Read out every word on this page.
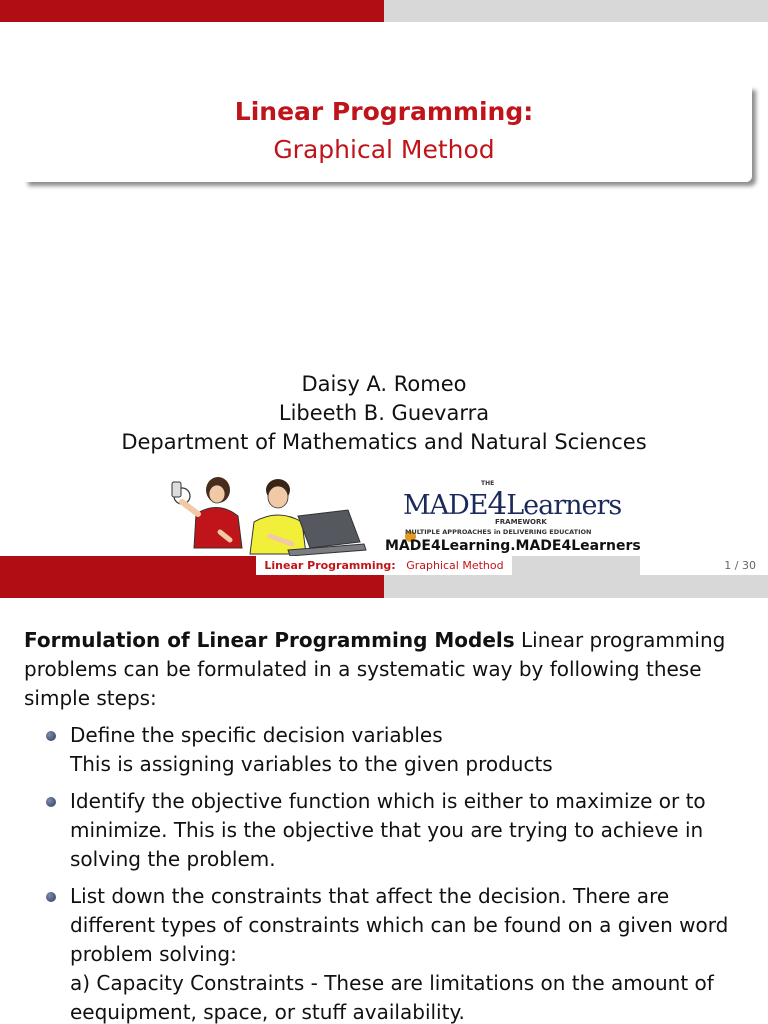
Linear Programming:
Graphical Method
Daisy A. Romeo
Libeeth B. Guevarra
Department of Mathematics and Natural Sciences
THE
MADE4Learners
FRAMEWORK
MULTIPLE APPROACHES in DELIVERING EDUCATION
MADE4Learning.MADE4Learners
Linear Programming: Graphical Method	1 / 30
Formulation of Linear Programming Models Linear programming problems can be formulated in a systematic way by following these simple steps:
Define the specific decision variables
This is assigning variables to the given products
Identify the objective function which is either to maximize or to minimize. This is the objective that you are trying to achieve in solving the problem.
List down the constraints that affect the decision. There are different types of constraints which can be found on a given word problem solving:
a) Capacity Constraints - These are limitations on the amount of eequipment, space, or stuff availability.
